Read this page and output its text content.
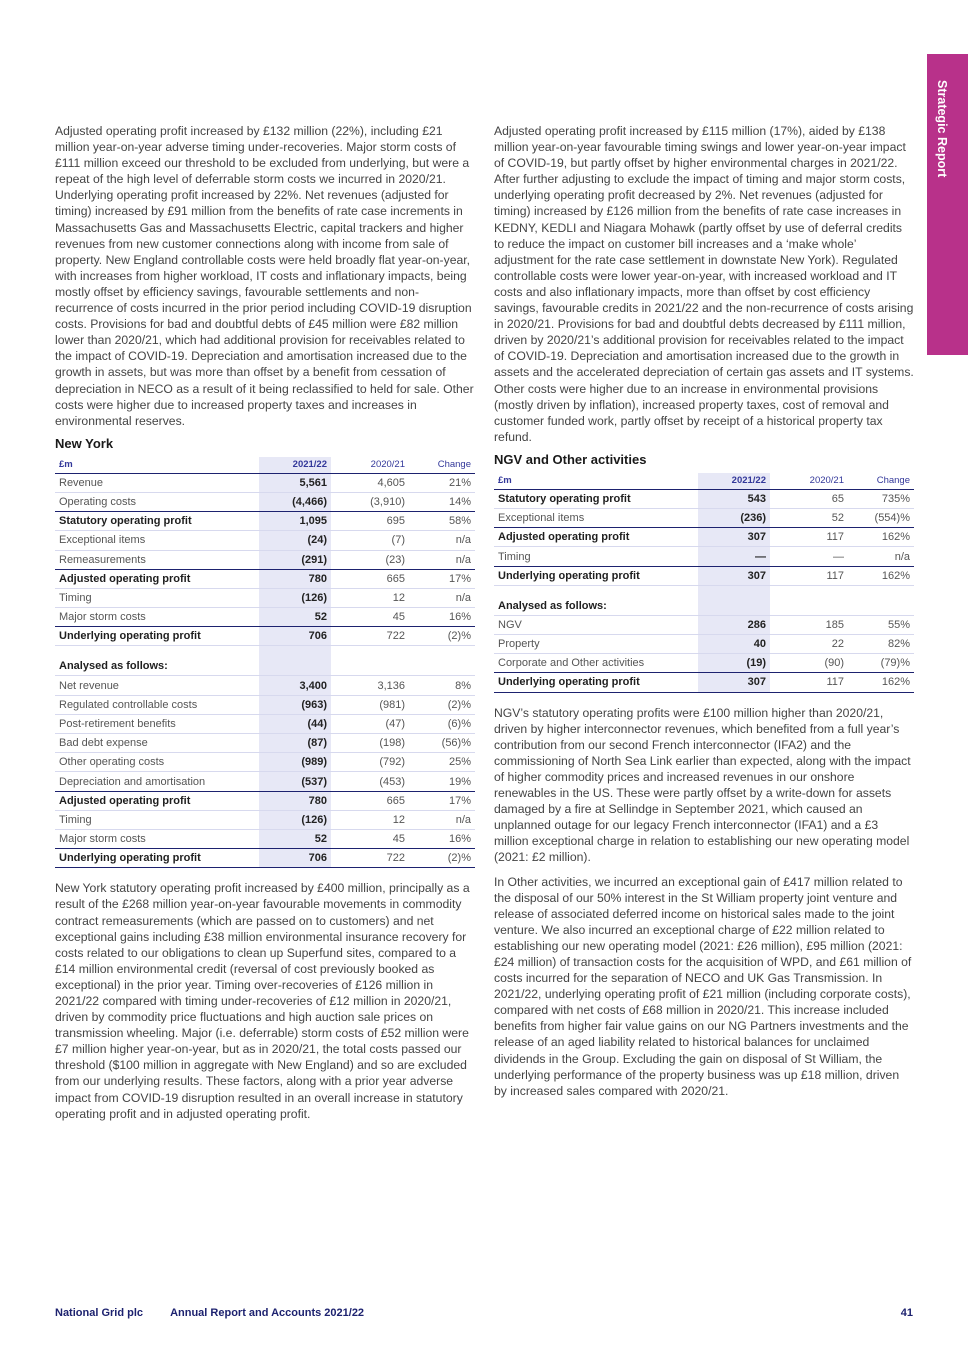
Strategic Report

Adjusted operating profit increased by £132 million (22%), including £21 million year-on-year adverse timing under-recoveries. Major storm costs of £111 million exceed our threshold to be excluded from underlying, but were a repeat of the high level of deferrable storm costs we incurred in 2020/21. Underlying operating profit increased by 22%. Net revenues (adjusted for timing) increased by £91 million from the benefits of rate case increments in Massachusetts Gas and Massachusetts Electric, capital trackers and higher revenues from new customer connections along with income from sale of property. New England controllable costs were held broadly flat year-on-year, with increases from higher workload, IT costs and inflationary impacts, being mostly offset by efficiency savings, favourable settlements and non-recurrence of costs incurred in the prior period including COVID-19 disruption costs. Provisions for bad and doubtful debts of £45 million were £82 million lower than 2020/21, which had additional provision for receivables related to the impact of COVID-19. Depreciation and amortisation increased due to the growth in assets, but was more than offset by a benefit from cessation of depreciation in NECO as a result of it being reclassified to held for sale. Other costs were higher due to increased property taxes and increases in environmental reserves.

New York
£m	2021/22	2020/21	Change
Revenue	5,561	4,605	21%
Operating costs	(4,466)	(3,910)	14%
Statutory operating profit	1,095	695	58%
Exceptional items	(24)	(7)	n/a
Remeasurements	(291)	(23)	n/a
Adjusted operating profit	780	665	17%
Timing	(126)	12	n/a
Major storm costs	52	45	16%
Underlying operating profit	706	722	(2)%
Analysed as follows:			
Net revenue	3,400	3,136	8%
Regulated controllable costs	(963)	(981)	(2)%
Post-retirement benefits	(44)	(47)	(6)%
Bad debt expense	(87)	(198)	(56)%
Other operating costs	(989)	(792)	25%
Depreciation and amortisation	(537)	(453)	19%
Adjusted operating profit	780	665	17%
Timing	(126)	12	n/a
Major storm costs	52	45	16%
Underlying operating profit	706	722	(2)%

New York statutory operating profit increased by £400 million, principally as a result of the £268 million year-on-year favourable movements in commodity contract remeasurements (which are passed on to customers) and net exceptional gains including £38 million environmental insurance recovery for costs related to our obligations to clean up Superfund sites, compared to a £14 million environmental credit (reversal of cost previously booked as exceptional) in the prior year. Timing over-recoveries of £126 million in 2021/22 compared with timing under-recoveries of £12 million in 2020/21, driven by commodity price fluctuations and high auction sale prices on transmission wheeling. Major (i.e. deferrable) storm costs of £52 million were £7 million higher year-on-year, but as in 2020/21, the total costs passed our threshold ($100 million in aggregate with New England) and so are excluded from our underlying results. These factors, along with a prior year adverse impact from COVID-19 disruption resulted in an overall increase in statutory operating profit and in adjusted operating profit.

Adjusted operating profit increased by £115 million (17%), aided by £138 million year-on-year favourable timing swings and lower year-on-year impact of COVID-19, but partly offset by higher environmental charges in 2021/22. After further adjusting to exclude the impact of timing and major storm costs, underlying operating profit decreased by 2%. Net revenues (adjusted for timing) increased by £126 million from the benefits of rate case increases in KEDNY, KEDLI and Niagara Mohawk (partly offset by use of deferral credits to reduce the impact on customer bill increases and a ‘make whole’ adjustment for the rate case settlement in downstate New York). Regulated controllable costs were lower year-on-year, with increased workload and IT costs and also inflationary impacts, more than offset by cost efficiency savings, favourable credits in 2021/22 and the non-recurrence of costs arising in 2020/21. Provisions for bad and doubtful debts decreased by £111 million, driven by 2020/21’s additional provision for receivables related to the impact of COVID-19. Depreciation and amortisation increased due to the growth in assets and the accelerated depreciation of certain gas assets and IT systems. Other costs were higher due to an increase in environmental provisions (mostly driven by inflation), increased property taxes, cost of removal and customer funded work, partly offset by receipt of a historical property tax refund.

NGV and Other activities
£m	2021/22	2020/21	Change
Statutory operating profit	543	65	735%
Exceptional items	(236)	52	(554)%
Adjusted operating profit	307	117	162%
Timing	—	—	n/a
Underlying operating profit	307	117	162%
Analysed as follows:			
NGV	286	185	55%
Property	40	22	82%
Corporate and Other activities	(19)	(90)	(79)%
Underlying operating profit	307	117	162%

NGV’s statutory operating profits were £100 million higher than 2020/21, driven by higher interconnector revenues, which benefited from a full year’s contribution from our second French interconnector (IFA2) and the commissioning of North Sea Link earlier than expected, along with the impact of higher commodity prices and increased revenues in our onshore renewables in the US. These were partly offset by a write-down for assets damaged by a fire at Sellindge in September 2021, which caused an unplanned outage for our legacy French interconnector (IFA1) and a £3 million exceptional charge in relation to establishing our new operating model (2021: £2 million).

In Other activities, we incurred an exceptional gain of £417 million related to the disposal of our 50% interest in the St William property joint venture and release of associated deferred income on historical sales made to the joint venture. We also incurred an exceptional charge of £22 million related to establishing our new operating model (2021: £26 million), £95 million (2021: £24 million) of transaction costs for the acquisition of WPD, and £61 million of costs incurred for the separation of NECO and UK Gas Transmission. In 2021/22, underlying operating profit of £21 million (including corporate costs), compared with net costs of £68 million in 2020/21. This increase included benefits from higher fair value gains on our NG Partners investments and the release of an aged liability related to historical balances for unclaimed dividends in the Group. Excluding the gain on disposal of St William, the underlying performance of the property business was up £18 million, driven by increased sales compared with 2020/21.

National Grid plc Annual Report and Accounts 2021/22	41
